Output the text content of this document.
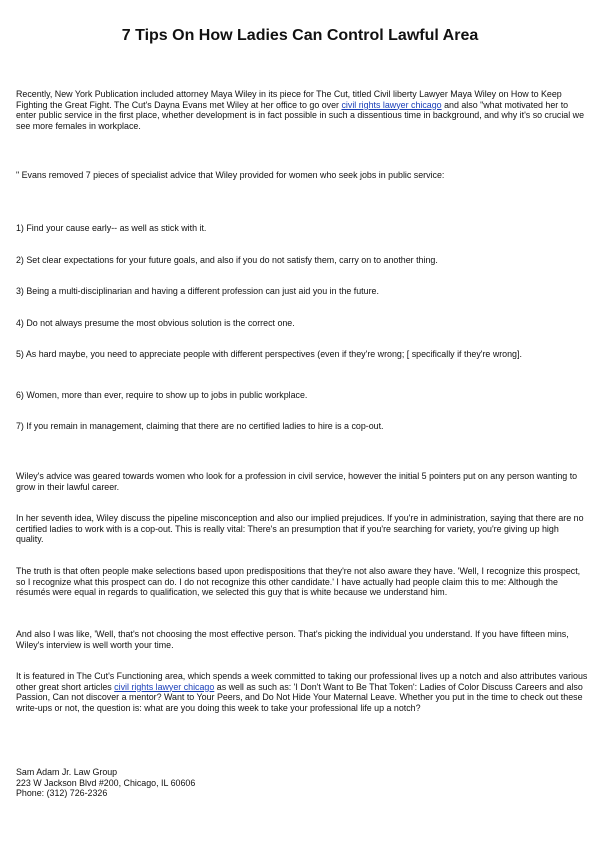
7 Tips On How Ladies Can Control Lawful Area

Recently, New York Publication included attorney Maya Wiley in its piece for The Cut, titled Civil liberty Lawyer Maya Wiley on How to Keep Fighting the Great Fight. The Cut's Dayna Evans met Wiley at her office to go over civil rights lawyer chicago and also "what motivated her to enter public service in the first place, whether development is in fact possible in such a dissentious time in background, and why it's so crucial we see more females in workplace.

" Evans removed 7 pieces of specialist advice that Wiley provided for women who seek jobs in public service:

1) Find your cause early-- as well as stick with it.

2) Set clear expectations for your future goals, and also if you do not satisfy them, carry on to another thing.

3) Being a multi-disciplinarian and having a different profession can just aid you in the future.

4) Do not always presume the most obvious solution is the correct one.

5) As hard maybe, you need to appreciate people with different perspectives (even if they're wrong; [ specifically if they're wrong].

6) Women, more than ever, require to show up to jobs in public workplace.

7) If you remain in management, claiming that there are no certified ladies to hire is a cop-out.

Wiley's advice was geared towards women who look for a profession in civil service, however the initial 5 pointers put on any person wanting to grow in their lawful career.

In her seventh idea, Wiley discuss the pipeline misconception and also our implied prejudices. If you're in administration, saying that there are no certified ladies to work with is a cop-out. This is really vital: There's an presumption that if you're searching for variety, you're giving up high quality.

The truth is that often people make selections based upon predispositions that they're not also aware they have. 'Well, I recognize this prospect, so I recognize what this prospect can do. I do not recognize this other candidate.' I have actually had people claim this to me: Although the résumés were equal in regards to qualification, we selected this guy that is white because we understand him.

And also I was like, 'Well, that's not choosing the most effective person. That's picking the individual you understand. If you have fifteen mins, Wiley's interview is well worth your time.

It is featured in The Cut's Functioning area, which spends a week committed to taking our professional lives up a notch and also attributes various other great short articles civil rights lawyer chicago as well as such as: 'I Don't Want to Be That Token': Ladies of Color Discuss Careers and also Passion, Can not discover a mentor? Want to Your Peers, and Do Not Hide Your Maternal Leave. Whether you put in the time to check out these write-ups or not, the question is: what are you doing this week to take your professional life up a notch?

Sam Adam Jr. Law Group
223 W Jackson Blvd #200, Chicago, IL 60606
Phone: (312) 726-2326
